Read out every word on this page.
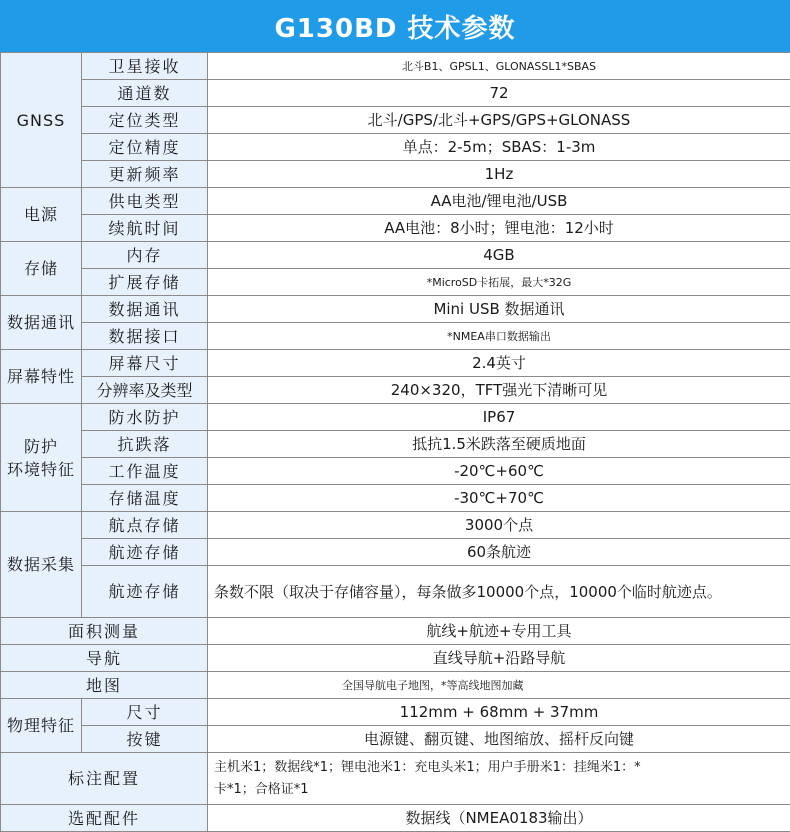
G130BD 技术参数
GNSS	卫星接收	北斗B1、GPSL1、GLONASSL1*SBAS
	通道数	72
	定位类型	北斗/GPS/北斗+GPS/GPS+GLONASS
	定位精度	单点：2-5m；SBAS：1-3m
	更新频率	1Hz
电源	供电类型	AA电池/锂电池/USB
	续航时间	AA电池：8小时；锂电池：12小时
存储	内存	4GB
	扩展存储	*MicroSD卡拓展，最大*32G
数据通讯	数据通讯	Mini USB 数据通讯
	数据接口	*NMEA串口数据输出
屏幕特性	屏幕尺寸	2.4英寸
	分辨率及类型	240×320，TFT强光下清晰可见

防护
环境特征	防水防护	IP67
	抗跌落	抵抗1.5米跌落至硬质地面
	工作温度	-20℃+60℃
	存储温度	-30℃+70℃
数据采集	航点存储	3000个点
	航迹存储	60条航迹
	航迹存储	条数不限（取决于存储容量），每条做多10000个点，10000个临时航迹点。
面积测量		航线+航迹+专用工具
导航		直线导航+沿路导航
地图		全国导航电子地图，*等高线地图加藏
物理特征	尺寸	112mm + 68mm + 37mm
	按键	电源键、翻页键、地图缩放、摇杆反向键
标注配置		主机米1；数据线*1；锂电池米1：充电头米1；用户手册米1：挂绳米1：*
卡*1；合格证*1

选配配件		数据线（NMEA0183输出）
